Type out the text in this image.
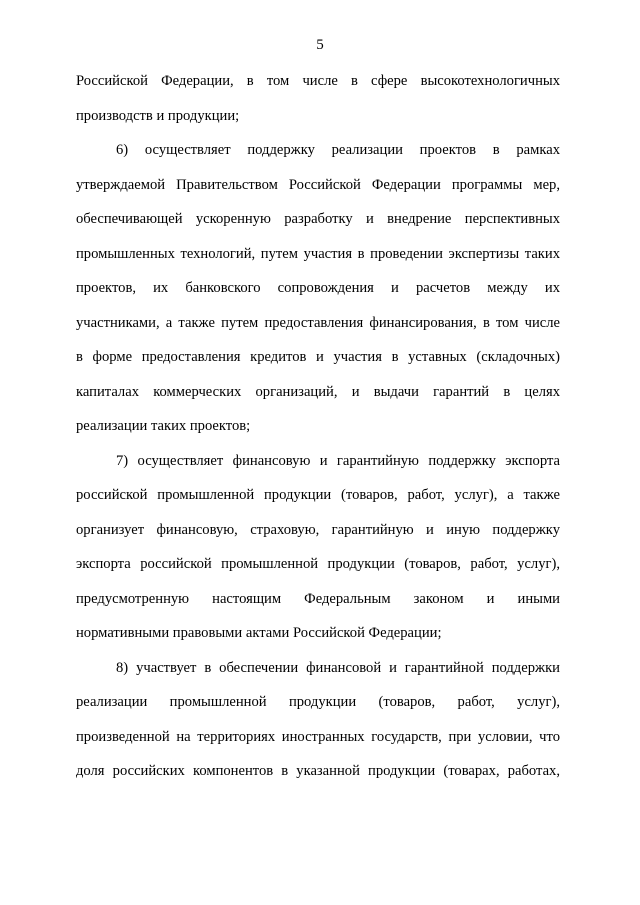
5
Российской Федерации, в том числе в сфере высокотехнологичных
производств и продукции;
6) осуществляет поддержку реализации проектов в рамках
утверждаемой Правительством Российской Федерации программы мер,
обеспечивающей ускоренную разработку и внедрение перспективных
промышленных технологий, путем участия в проведении экспертизы таких
проектов, их банковского сопровождения и расчетов между их
участниками, а также путем предоставления финансирования, в том числе
в форме предоставления кредитов и участия в уставных (складочных)
капиталах коммерческих организаций, и выдачи гарантий в целях
реализации таких проектов;
7) осуществляет финансовую и гарантийную поддержку экспорта
российской промышленной продукции (товаров, работ, услуг), а также
организует финансовую, страховую, гарантийную и иную поддержку
экспорта российской промышленной продукции (товаров, работ, услуг),
предусмотренную настоящим Федеральным законом и иными
нормативными правовыми актами Российской Федерации;
8) участвует в обеспечении финансовой и гарантийной поддержки
реализации промышленной продукции (товаров, работ, услуг),
произведенной на территориях иностранных государств, при условии, что
доля российских компонентов в указанной продукции (товарах, работах,
